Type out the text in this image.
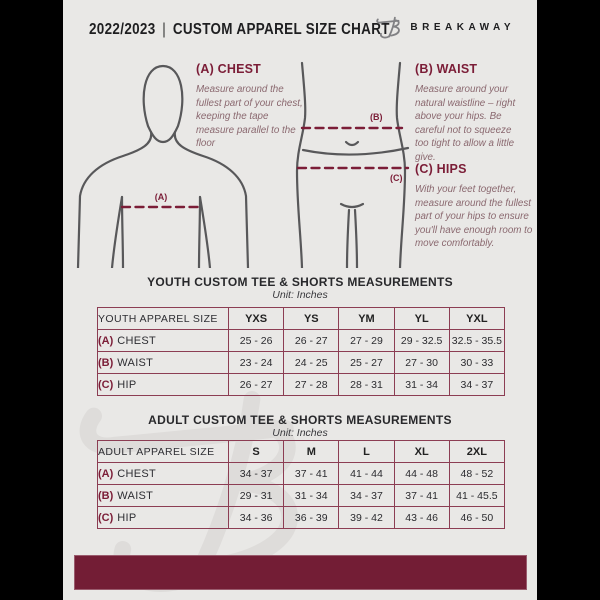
2022/2023 | CUSTOM APPAREL SIZE CHART BREAKAWAY
(A)
(B)
(C)
(A) CHEST

Measure around the fullest part of your chest, keeping the tape measure parallel to the floor

(B) WAIST

Measure around your natural waistline – right above your hips. Be careful not to squeeze too tight to allow a little give.

(C) HIPS

With your feet together, measure around the fullest part of your hips to ensure you'll have enough room to move comfortably.

YOUTH CUSTOM TEE & SHORTS MEASUREMENTS
Unit: Inches
YOUTH APPAREL SIZE	YXS	YS	YM	YL	YXL
(A) CHEST	25 - 26	26 - 27	27 - 29	29 - 32.5	32.5 - 35.5
(B) WAIST	23 - 24	24 - 25	25 - 27	27 - 30	30 - 33
(C) HIP	26 - 27	27 - 28	28 - 31	31 - 34	34 - 37
ADULT CUSTOM TEE & SHORTS MEASUREMENTS
Unit: Inches
ADULT APPAREL SIZE	S	M	L	XL	2XL
(A) CHEST	34 - 37	37 - 41	41 - 44	44 - 48	48 - 52
(B) WAIST	29 - 31	31 - 34	34 - 37	37 - 41	41 - 45.5
(C) HIP	34 - 36	36 - 39	39 - 42	43 - 46	46 - 50
